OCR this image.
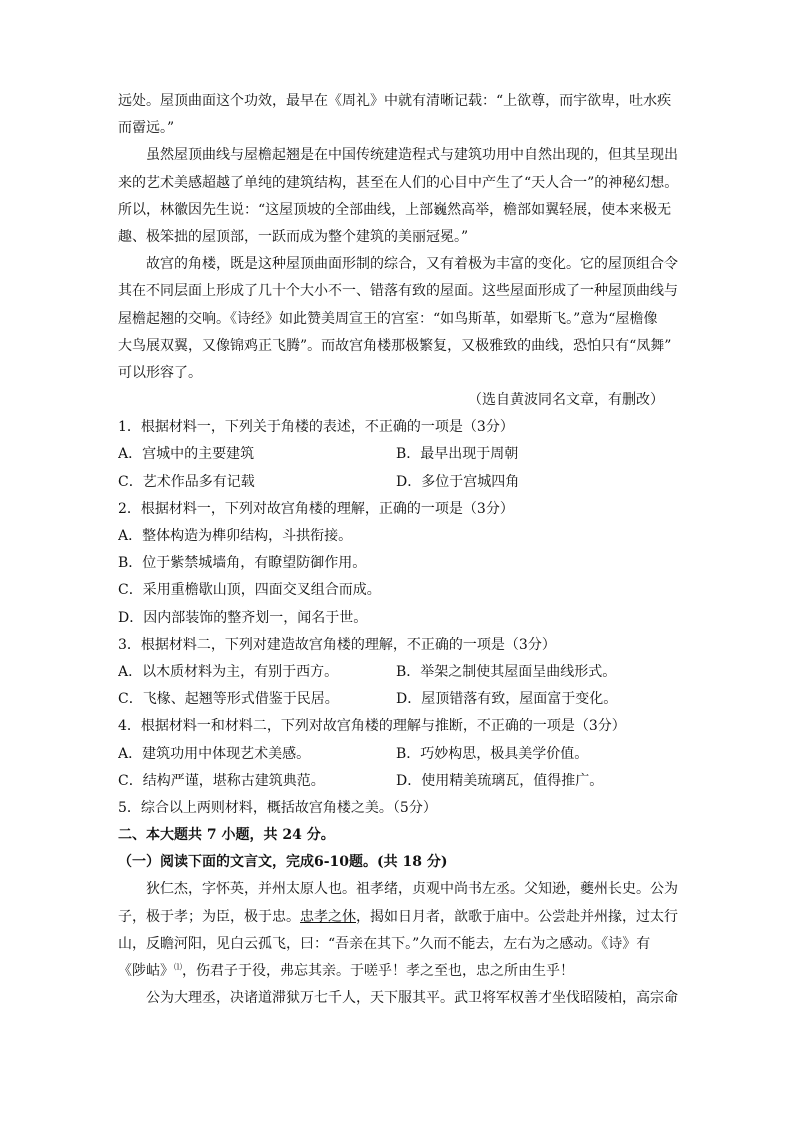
远处。屋顶曲面这个功效，最早在《周礼》中就有清晰记载：“上欲尊，而宇欲卑，吐水疾
而霤远。”
虽然屋顶曲线与屋檐起翘是在中国传统建造程式与建筑功用中自然出现的，但其呈现出
来的艺术美感超越了单纯的建筑结构，甚至在人们的心目中产生了“天人合一”的神秘幻想。
所以，林徽因先生说：“这屋顶坡的全部曲线，上部巍然高举，檐部如翼轻展，使本来极无
趣、极笨拙的屋顶部，一跃而成为整个建筑的美丽冠冕。”
故宫的角楼，既是这种屋顶曲面形制的综合，又有着极为丰富的变化。它的屋顶组合令
其在不同层面上形成了几十个大小不一、错落有致的屋面。这些屋面形成了一种屋顶曲线与
屋檐起翘的交响。《诗经》如此赞美周宣王的宫室：“如鸟斯革，如翚斯飞。”意为“屋檐像
大鸟展双翼，又像锦鸡正飞腾”。而故宫角楼那极繁复，又极雅致的曲线，恐怕只有“凤舞”
可以形容了。
（选自黄波同名文章，有删改）
1．根据材料一，下列关于角楼的表述，不正确的一项是（3分）
A．宫城中的主要建筑	B．最早出现于周朝
C．艺术作品多有记载	D．多位于宫城四角
2．根据材料一，下列对故宫角楼的理解，正确的一项是（3分）
A．整体构造为榫卯结构，斗拱衔接。
B．位于紫禁城墙角，有瞭望防御作用。
C．采用重檐歇山顶，四面交叉组合而成。
D．因内部装饰的整齐划一，闻名于世。
3．根据材料二，下列对建造故宫角楼的理解，不正确的一项是（3分）
A．以木质材料为主，有别于西方。	B．举架之制使其屋面呈曲线形式。
C．飞椽、起翘等形式借鉴于民居。	D．屋顶错落有致，屋面富于变化。
4．根据材料一和材料二，下列对故宫角楼的理解与推断，不正确的一项是（3分）
A．建筑功用中体现艺术美感。	B．巧妙构思，极具美学价值。
C．结构严谨，堪称古建筑典范。	D．使用精美琉璃瓦，值得推广。
5．综合以上两则材料，概括故宫角楼之美。（5分）
二、本大题共 7 小题，共 24 分。
（一）阅读下面的文言文，完成6-10题。(共 18 分)
狄仁杰，字怀英，并州太原人也。祖孝绪，贞观中尚书左丞。父知逊，夔州长史。公为
子，极于孝；为臣，极于忠。忠孝之休，揭如日月者，歆歌于庙中。公尝赴并州掾，过太行
山，反瞻河阳，见白云孤飞，曰：“吾亲在其下。”久而不能去，左右为之感动。《诗》有
《陟岵》⑴，伤君子于役，弗忘其亲。于嗟乎！孝之至也，忠之所由生乎！
公为大理丞，决诸道滞狱万七千人，天下服其平。武卫将军权善才坐伐昭陵柏，高宗命
